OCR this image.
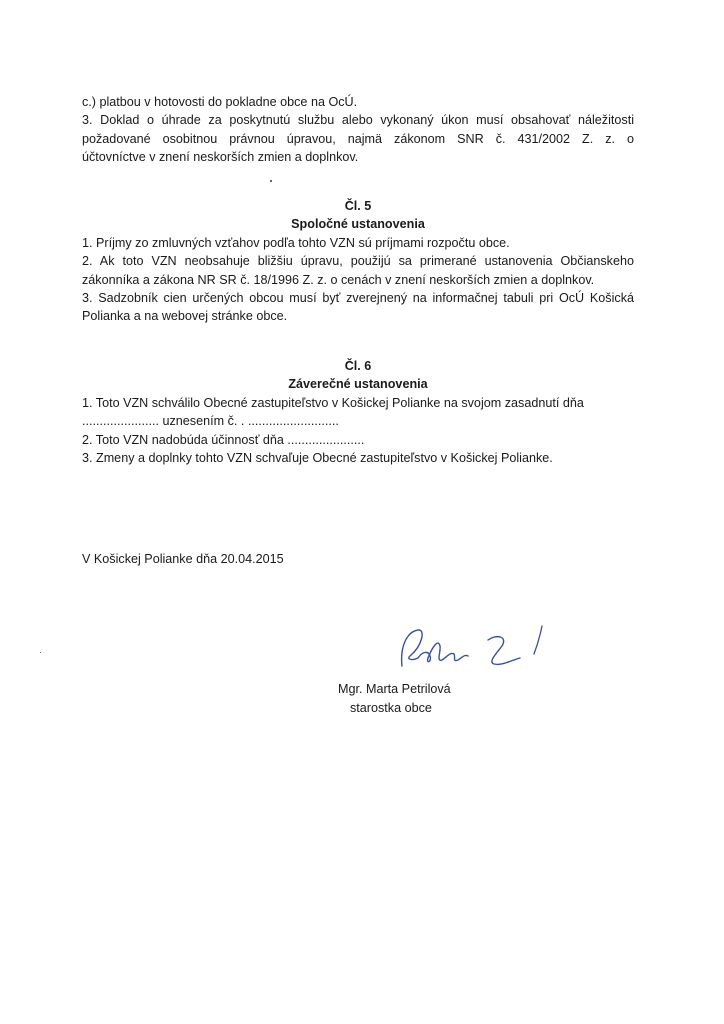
c.) platbou v hotovosti do pokladne obce na OcÚ.
3. Doklad o úhrade za poskytnutú službu alebo vykonaný úkon musí obsahovať náležitosti
požadované osobitnou právnou úpravou, najmä zákonom SNR č. 431/2002 Z. z. o
účtovníctve v znení neskorších zmien a doplnkov.
Čl. 5
Spoločné ustanovenia
1. Príjmy zo zmluvných vzťahov podľa tohto VZN sú príjmami rozpočtu obce.
2. Ak toto VZN neobsahuje bližšiu úpravu, použijú sa primerané ustanovenia Občianskeho
zákonníka a zákona NR SR č. 18/1996 Z. z. o cenách v znení neskorších zmien a doplnkov.
3. Sadzobník cien určených obcou musí byť zverejnený na informačnej tabuli pri OcÚ Košická
Polianka a na webovej stránke obce.
Čl. 6
Záverečné ustanovenia
1. Toto VZN schválilo Obecné zastupiteľstvo v Košickej Polianke na svojom zasadnutí dňa
...................... uznesením č. . ..........................
2. Toto VZN nadobúda účinnosť dňa ......................
3. Zmeny a doplnky tohto VZN schvaľuje Obecné zastupiteľstvo v Košickej Polianke.
V Košickej Polianke dňa 20.04.2015
Mgr. Marta Petrilová
starostka obce
